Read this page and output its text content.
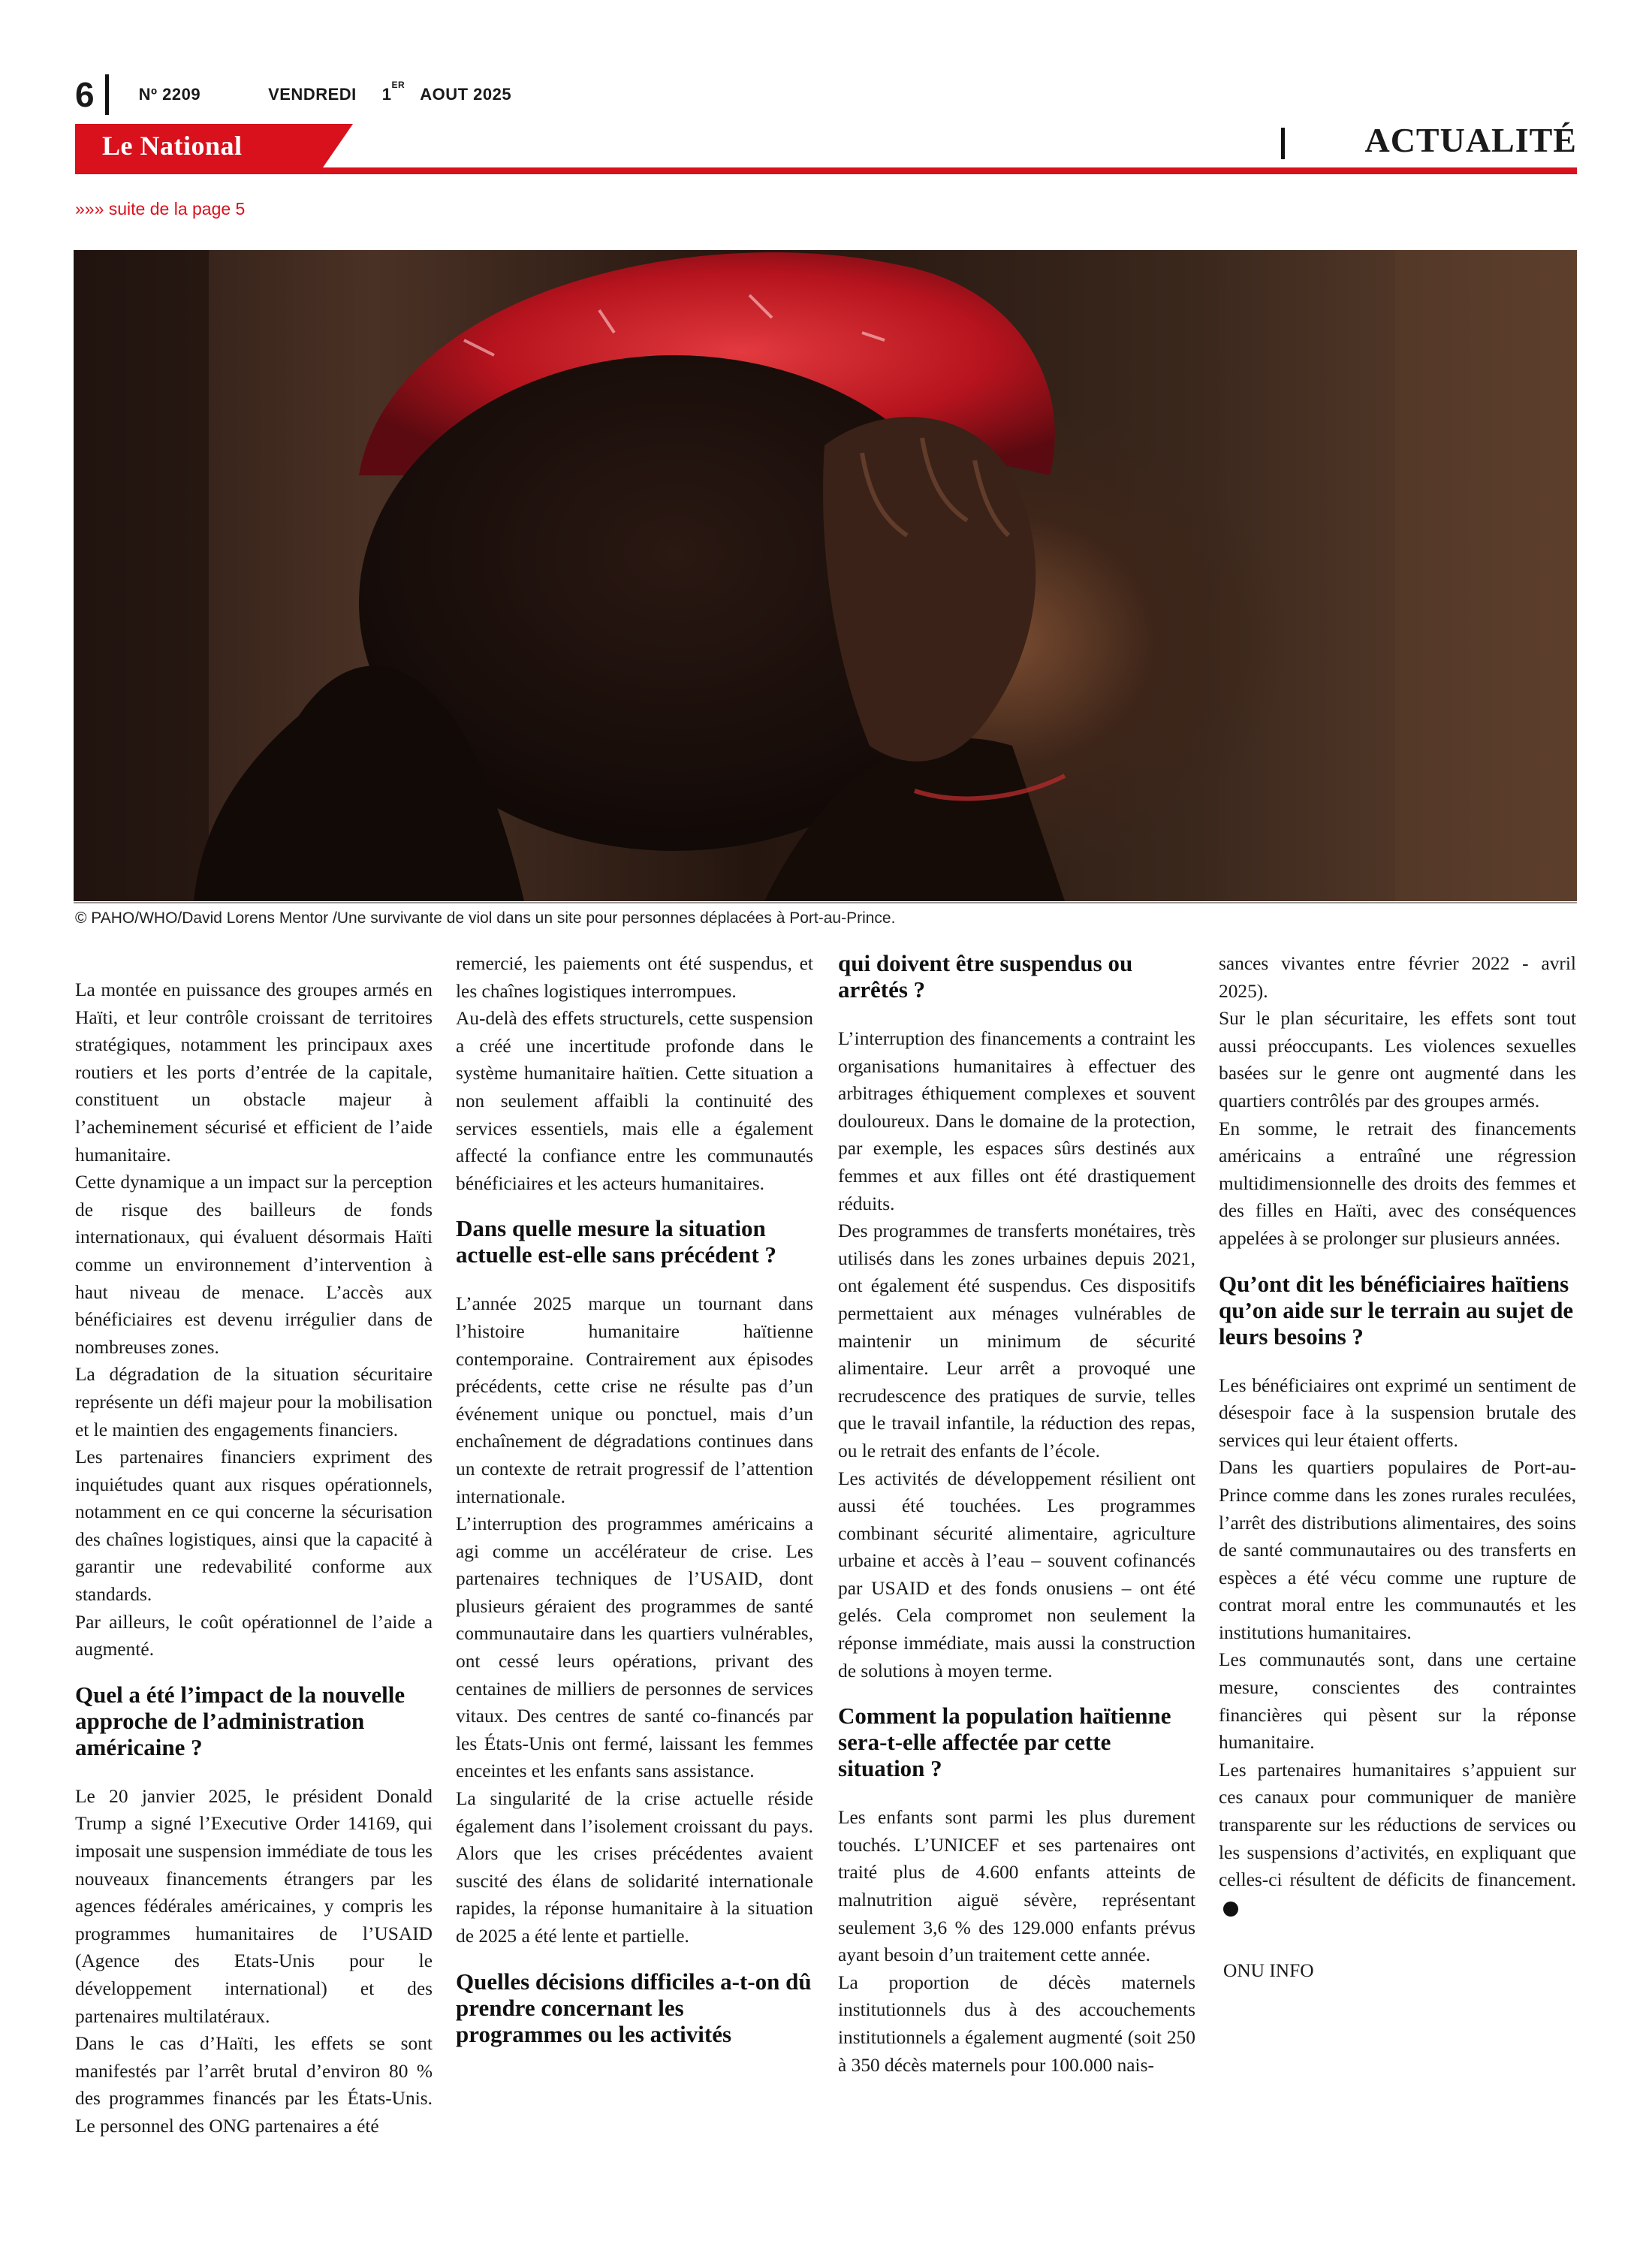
6	Nº 2209	VENDREDI 1ERAOUT 2025
Le National	ACTUALITÉ
»»» suite de la page 5
© PAHO/WHO/David Lorens Mentor /Une survivante de viol dans un site pour personnes déplacées à Port-au-Prince.

La montée en puissance des groupes armés en Haïti, et leur contrôle croissant de territoires stratégiques, notamment les principaux axes routiers et les ports d’entrée de la capitale, constituent un obstacle majeur à l’acheminement sécurisé et efficient de l’aide humanitaire.

Cette dynamique a un impact sur la perception de risque des bailleurs de fonds internationaux, qui évaluent désormais Haïti comme un environnement d’intervention à haut niveau de menace. L’accès aux bénéficiaires est devenu irrégulier dans de nombreuses zones.

La dégradation de la situation sécuritaire représente un défi majeur pour la mobilisation et le maintien des engagements financiers.

Les partenaires financiers expriment des inquiétudes quant aux risques opérationnels, notamment en ce qui concerne la sécurisation des chaînes logistiques, ainsi que la capacité à garantir une redevabilité conforme aux standards.

Par ailleurs, le coût opérationnel de l’aide a augmenté.

Quel a été l’impact de la nouvelle approche de l’administration américaine ?

Le 20 janvier 2025, le président Donald Trump a signé l’Executive Order 14169, qui imposait une suspension immédiate de tous les nouveaux financements étrangers par les agences fédérales américaines, y compris les programmes humanitaires de l’USAID (Agence des Etats-Unis pour le développement international) et des partenaires multilatéraux.

Dans le cas d’Haïti, les effets se sont manifestés par l’arrêt brutal d’environ 80 % des programmes financés par les États-Unis. Le personnel des ONG partenaires a été

remercié, les paiements ont été suspendus, et les chaînes logistiques interrompues.

Au-delà des effets structurels, cette suspension a créé une incertitude profonde dans le système humanitaire haïtien. Cette situation a non seulement affaibli la continuité des services essentiels, mais elle a également affecté la confiance entre les communautés bénéficiaires et les acteurs humanitaires.

Dans quelle mesure la situation actuelle est-elle sans précédent ?

L’année 2025 marque un tournant dans l’histoire humanitaire haïtienne contemporaine. Contrairement aux épisodes précédents, cette crise ne résulte pas d’un événement unique ou ponctuel, mais d’un enchaînement de dégradations continues dans un contexte de retrait progressif de l’attention internationale.

L’interruption des programmes américains a agi comme un accélérateur de crise. Les partenaires techniques de l’USAID, dont plusieurs géraient des programmes de santé communautaire dans les quartiers vulnérables, ont cessé leurs opérations, privant des centaines de milliers de personnes de services vitaux. Des centres de santé co-financés par les États-Unis ont fermé, laissant les femmes enceintes et les enfants sans assistance.

La singularité de la crise actuelle réside également dans l’isolement croissant du pays. Alors que les crises précédentes avaient suscité des élans de solidarité internationale rapides, la réponse humanitaire à la situation de 2025 a été lente et partielle.

Quelles décisions difficiles a-t-on dû prendre concernant les programmes ou les activités
qui doivent être suspendus ou arrêtés ?

L’interruption des financements a contraint les organisations humanitaires à effectuer des arbitrages éthiquement complexes et souvent douloureux. Dans le domaine de la protection, par exemple, les espaces sûrs destinés aux femmes et aux filles ont été drastiquement réduits.

Des programmes de transferts monétaires, très utilisés dans les zones urbaines depuis 2021, ont également été suspendus. Ces dispositifs permettaient aux ménages vulnérables de maintenir un minimum de sécurité alimentaire. Leur arrêt a provoqué une recrudescence des pratiques de survie, telles que le travail infantile, la réduction des repas, ou le retrait des enfants de l’école.

Les activités de développement résilient ont aussi été touchées. Les programmes combinant sécurité alimentaire, agriculture urbaine et accès à l’eau – souvent cofinancés par USAID et des fonds onusiens – ont été gelés. Cela compromet non seulement la réponse immédiate, mais aussi la construction de solutions à moyen terme.

Comment la population haïtienne sera-t-elle affectée par cette situation ?

Les enfants sont parmi les plus durement touchés. L’UNICEF et ses partenaires ont traité plus de 4.600 enfants atteints de malnutrition aiguë sévère, représentant seulement 3,6 % des 129.000 enfants prévus ayant besoin d’un traitement cette année.

La proportion de décès maternels institutionnels dus à des accouchements institutionnels a également augmenté (soit 250 à 350 décès maternels pour 100.000 nais-

sances vivantes entre février 2022 - avril 2025).

Sur le plan sécuritaire, les effets sont tout aussi préoccupants. Les violences sexuelles basées sur le genre ont augmenté dans les quartiers contrôlés par des groupes armés.

En somme, le retrait des financements américains a entraîné une régression multidimensionnelle des droits des femmes et des filles en Haïti, avec des conséquences appelées à se prolonger sur plusieurs années.

Qu’ont dit les bénéficiaires haïtiens qu’on aide sur le terrain au sujet de leurs besoins ?

Les bénéficiaires ont exprimé un sentiment de désespoir face à la suspension brutale des services qui leur étaient offerts.

Dans les quartiers populaires de Port-au-Prince comme dans les zones rurales reculées, l’arrêt des distributions alimentaires, des soins de santé communautaires ou des transferts en espèces a été vécu comme une rupture de contrat moral entre les communautés et les institutions humanitaires.

Les communautés sont, dans une certaine mesure, conscientes des contraintes financières qui pèsent sur la réponse humanitaire.

Les partenaires humanitaires s’appuient sur ces canaux pour communiquer de manière transparente sur les réductions de services ou les suspensions d’activités, en expliquant que celles-ci résultent de déficits de financement.

ONU INFO
